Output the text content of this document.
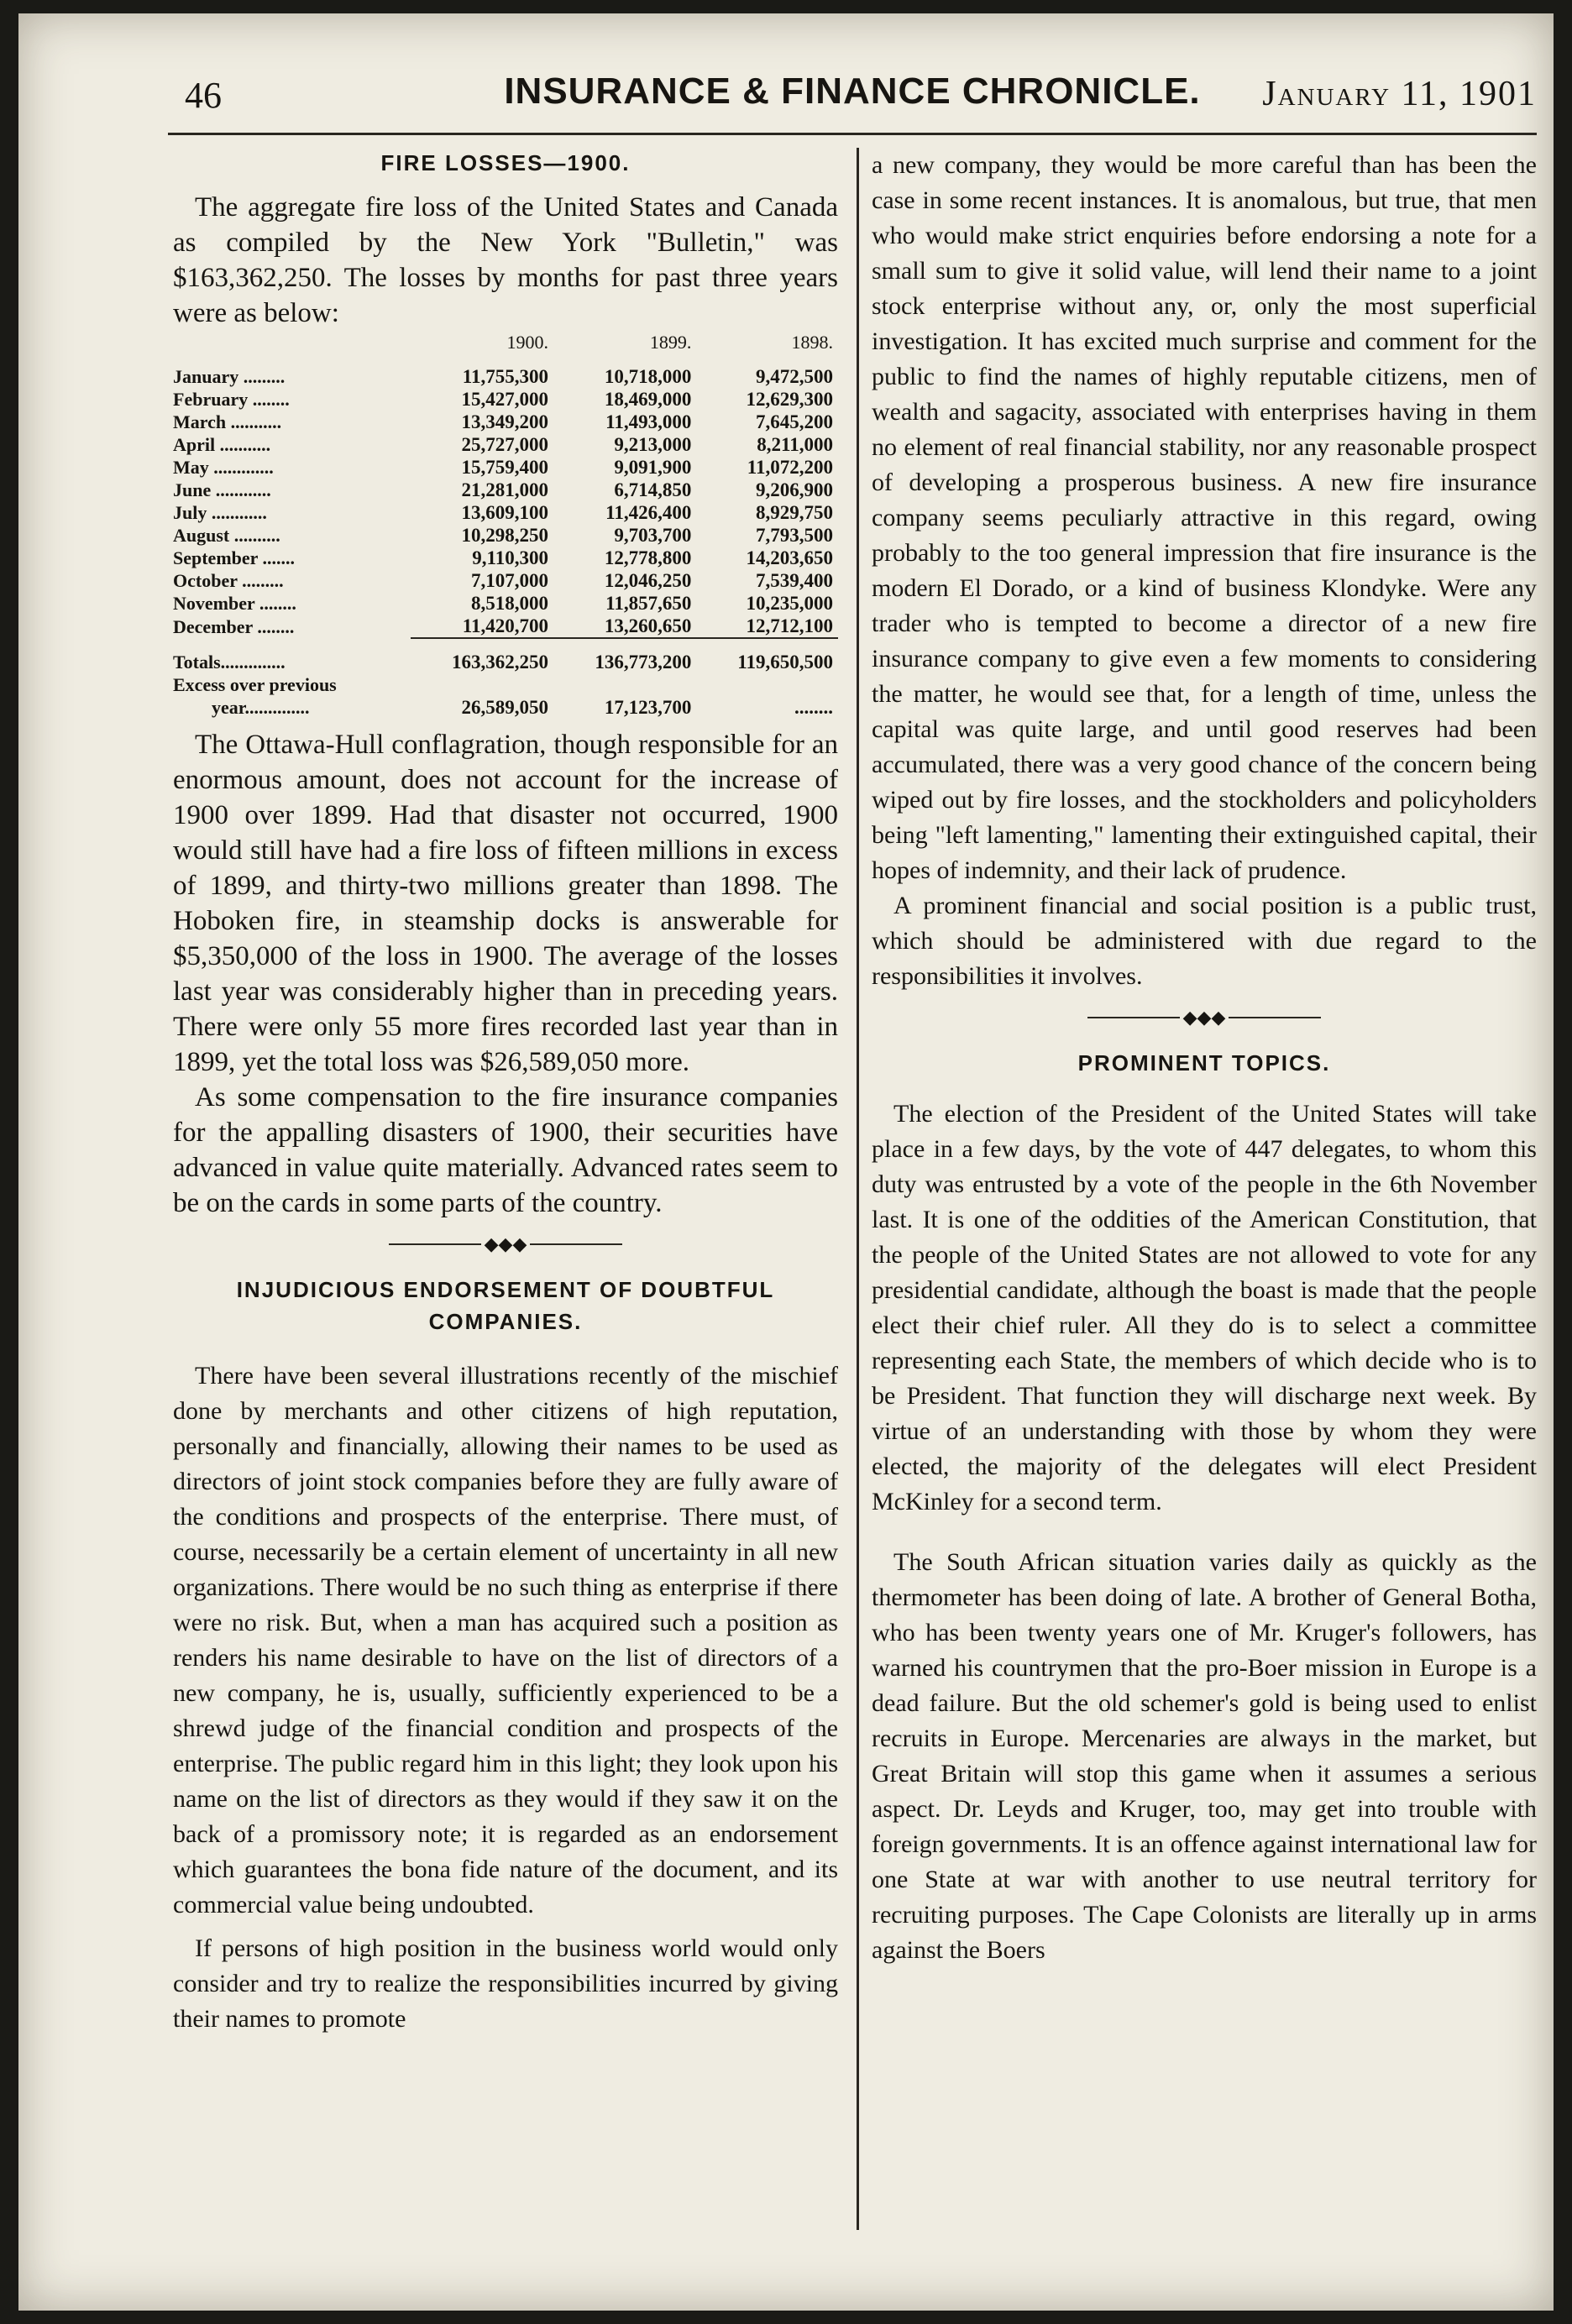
46	INSURANCE & FINANCE CHRONICLE.	January 11, 1901
FIRE LOSSES—1900.

The aggregate fire loss of the United States and Canada as compiled by the New York "Bulletin," was $163,362,250. The losses by months for past three years were as below:

	1900.	1899.	1898.
January .........	11,755,300	10,718,000	9,472,500
February ........	15,427,000	18,469,000	12,629,300
March ...........	13,349,200	11,493,000	7,645,200
April ...........	25,727,000	9,213,000	8,211,000
May .............	15,759,400	9,091,900	11,072,200
June ............	21,281,000	6,714,850	9,206,900
July ............	13,609,100	11,426,400	8,929,750
August ..........	10,298,250	9,703,700	7,793,500
September .......	9,110,300	12,778,800	14,203,650
October .........	7,107,000	12,046,250	7,539,400
November ........	8,518,000	11,857,650	10,235,000
December ........	11,420,700	13,260,650	12,712,100
Totals..............	163,362,250	136,773,200	119,650,500
Excess over previous			
year..............	26,589,050	17,123,700	........

The Ottawa-Hull conflagration, though responsible for an enormous amount, does not account for the increase of 1900 over 1899. Had that disaster not occurred, 1900 would still have had a fire loss of fifteen millions in excess of 1899, and thirty-two millions greater than 1898. The Hoboken fire, in steamship docks is answerable for $5,350,000 of the loss in 1900. The average of the losses last year was considerably higher than in preceding years. There were only 55 more fires recorded last year than in 1899, yet the total loss was $26,589,050 more.

As some compensation to the fire insurance companies for the appalling disasters of 1900, their securities have advanced in value quite materially. Advanced rates seem to be on the cards in some parts of the country.

◆◆◆
INJUDICIOUS ENDORSEMENT OF DOUBTFUL
COMPANIES.

There have been several illustrations recently of the mischief done by merchants and other citizens of high reputation, personally and financially, allowing their names to be used as directors of joint stock companies before they are fully aware of the conditions and prospects of the enterprise. There must, of course, necessarily be a certain element of uncertainty in all new organizations. There would be no such thing as enterprise if there were no risk. But, when a man has acquired such a position as renders his name desirable to have on the list of directors of a new company, he is, usually, sufficiently experienced to be a shrewd judge of the financial condition and prospects of the enterprise. The public regard him in this light; they look upon his name on the list of directors as they would if they saw it on the back of a promissory note; it is regarded as an endorsement which guarantees the bona fide nature of the document, and its commercial value being undoubted.

If persons of high position in the business world would only consider and try to realize the responsibilities incurred by giving their names to promote

a new company, they would be more careful than has been the case in some recent instances. It is anomalous, but true, that men who would make strict enquiries before endorsing a note for a small sum to give it solid value, will lend their name to a joint stock enterprise without any, or, only the most superficial investigation. It has excited much surprise and comment for the public to find the names of highly reputable citizens, men of wealth and sagacity, associated with enterprises having in them no element of real financial stability, nor any reasonable prospect of developing a prosperous business. A new fire insurance company seems peculiarly attractive in this regard, owing probably to the too general impression that fire insurance is the modern El Dorado, or a kind of business Klondyke. Were any trader who is tempted to become a director of a new fire insurance company to give even a few moments to considering the matter, he would see that, for a length of time, unless the capital was quite large, and until good reserves had been accumulated, there was a very good chance of the concern being wiped out by fire losses, and the stockholders and policyholders being "left lamenting," lamenting their extinguished capital, their hopes of indemnity, and their lack of prudence.

A prominent financial and social position is a public trust, which should be administered with due regard to the responsibilities it involves.

◆◆◆
PROMINENT TOPICS.

The election of the President of the United States will take place in a few days, by the vote of 447 delegates, to whom this duty was entrusted by a vote of the people in the 6th November last. It is one of the oddities of the American Constitution, that the people of the United States are not allowed to vote for any presidential candidate, although the boast is made that the people elect their chief ruler. All they do is to select a committee representing each State, the members of which decide who is to be President. That function they will discharge next week. By virtue of an understanding with those by whom they were elected, the majority of the delegates will elect President McKinley for a second term.

The South African situation varies daily as quickly as the thermometer has been doing of late. A brother of General Botha, who has been twenty years one of Mr. Kruger's followers, has warned his countrymen that the pro-Boer mission in Europe is a dead failure. But the old schemer's gold is being used to enlist recruits in Europe. Mercenaries are always in the market, but Great Britain will stop this game when it assumes a serious aspect. Dr. Leyds and Kruger, too, may get into trouble with foreign governments. It is an offence against international law for one State at war with another to use neutral territory for recruiting purposes. The Cape Colonists are literally up in arms against the Boers
